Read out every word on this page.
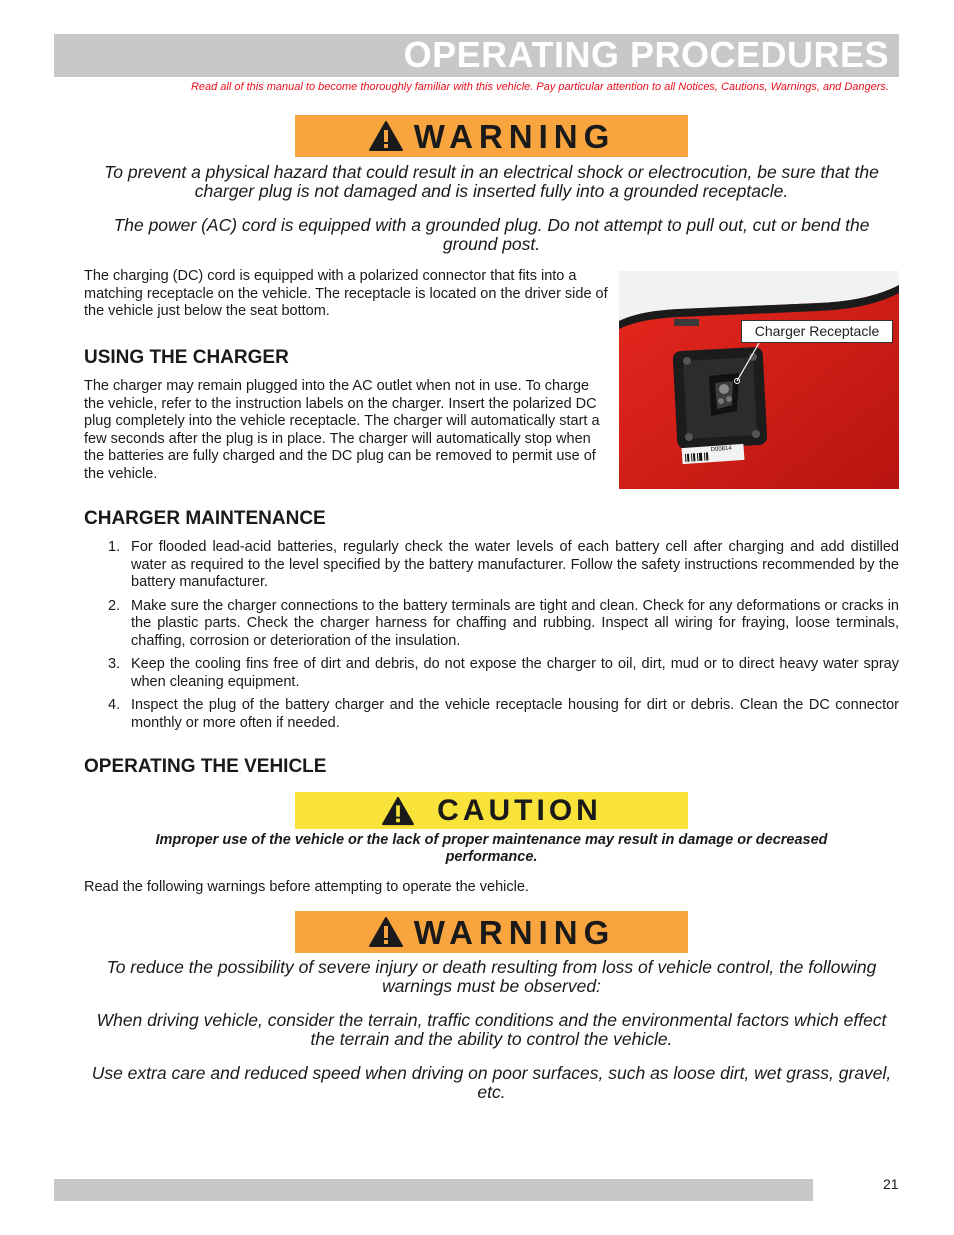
OPERATING PROCEDURES
Read all of this manual to become thoroughly familiar with this vehicle. Pay particular attention to all Notices, Cautions, Warnings, and Dangers.
WARNING
To prevent a physical hazard that could result in an electrical shock or electrocution, be sure that the charger plug is not damaged and is inserted fully into a grounded receptacle.
The power (AC) cord is equipped with a grounded plug. Do not attempt to pull out, cut or bend the ground post.
The charging (DC) cord is equipped with a polarized connector that fits into a matching receptacle on the vehicle. The receptacle is located on the driver side of the vehicle just below the seat bottom.
D00814
Charger Receptacle
USING THE CHARGER
The charger may remain plugged into the AC outlet when not in use. To charge the vehicle, refer to the instruction labels on the charger. Insert the polarized DC plug completely into the vehicle receptacle. The charger will automatically start a few seconds after the plug is in place. The charger will automatically stop when the batteries are fully charged and the DC plug can be removed to permit use of the vehicle.
CHARGER MAINTENANCE
1. For flooded lead-acid batteries, regularly check the water levels of each battery cell after charging and add distilled water as required to the level specified by the battery manufacturer. Follow the safety instructions recommended by the battery manufacturer.
2. Make sure the charger connections to the battery terminals are tight and clean. Check for any deformations or cracks in the plastic parts. Check the charger harness for chaffing and rubbing. Inspect all wiring for fraying, loose terminals, chaffing, corrosion or deterioration of the insulation.
3. Keep the cooling fins free of dirt and debris, do not expose the charger to oil, dirt, mud or to direct heavy water spray when cleaning equipment.
4. Inspect the plug of the battery charger and the vehicle receptacle housing for dirt or debris. Clean the DC connector monthly or more often if needed.
OPERATING THE VEHICLE
CAUTION
Improper use of the vehicle or the lack of proper maintenance may result in damage or decreased performance.
Read the following warnings before attempting to operate the vehicle.
WARNING
To reduce the possibility of severe injury or death resulting from loss of vehicle control, the following warnings must be observed:
When driving vehicle, consider the terrain, traffic conditions and the environmental factors which effect the terrain and the ability to control the vehicle.
Use extra care and reduced speed when driving on poor surfaces, such as loose dirt, wet grass, gravel, etc.
21
